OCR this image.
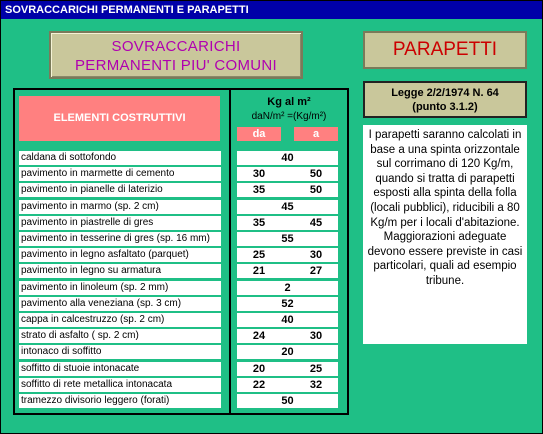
SOVRACCARICHI PERMANENTI E PARAPETTI
SOVRACCARICHI
PERMANENTI PIU' COMUNI
PARAPETTI
Legge 2/2/1974 N. 64
(punto 3.1.2)
I parapetti saranno calcolati in base a una spinta orizzontale sul corrimano di 120 Kg/m, quando si tratta di parapetti esposti alla spinta della folla (locali pubblici), riducibili a 80 Kg/m per i locali d'abitazione. Maggiorazioni adeguate devono essere previste in casi particolari, quali ad esempio tribune.
ELEMENTI COSTRUTTIVI
Kg al m²
daN/m² =(Kg/m²)
da	a
caldana di sottofondo	40
pavimento in marmette di cemento	30	50
pavimento in pianelle di laterizio	35	50
pavimento in marmo (sp. 2 cm)	45
pavimento in piastrelle di gres	35	45
pavimento in tesserine di gres (sp. 16 mm)	55
pavimento in legno asfaltato (parquet)	25	30
pavimento in legno su armatura	21	27
pavimento in linoleum (sp. 2 mm)	2
pavimento alla veneziana (sp. 3 cm)	52
cappa in calcestruzzo (sp. 2 cm)	40
strato di asfalto ( sp. 2 cm)	24	30
intonaco di soffitto	20
soffitto di stuoie intonacate	20	25
soffitto di rete metallica intonacata	22	32
tramezzo divisorio leggero (forati)	50
